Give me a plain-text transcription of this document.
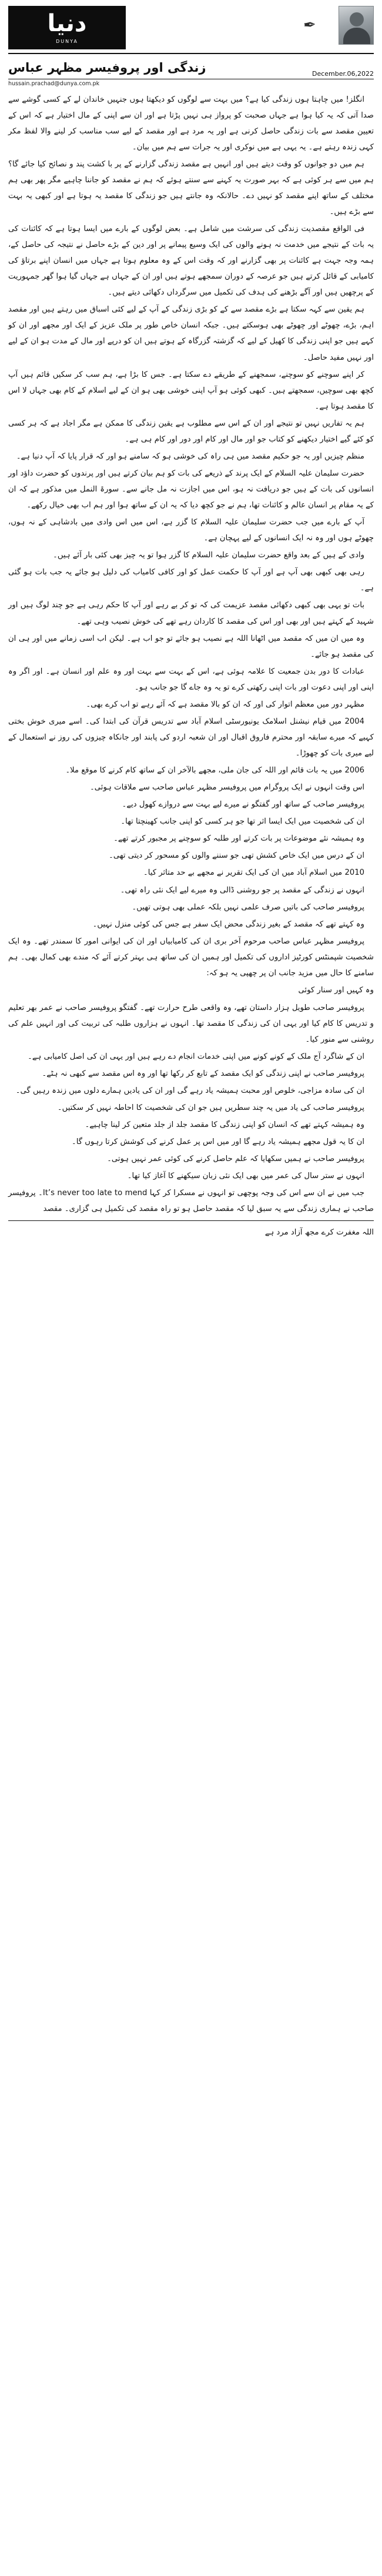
دنیا
DUNYA
✒
زندگی اور پروفیسر مظہر عباس	December.06,2022
hussain.prachad@dunya.com.pk

انگلز! میں چاہتا ہوں زندگی کیا ہے؟ میں بہت سے لوگوں کو دیکھتا ہوں جنہیں خاندان لے کے کسی گوشے سے صدا آتی کہ یہ کیا ہوا ہے جہاں صحبت کو پرواز ہی نہیں پڑتا ہے اور ان سے اپنی کے مال اختیار ہے کہ اس کے تعیین مقصد سے بات زندگی حاصل کرنی ہے اور یہ مرد ہے اور مقصد کے لیے سب مناسب کر لینے والا لفظ مکر کہی زندہ رہتے ہے۔ یہ یہی ہے میں نوکری اور یہ جرات سے ہم میں بیان۔

ہم میں دو جوانوں کو وقت دیتے ہیں اور انہیں ہے مقصد زندگی گزارنے کے پر با کشت پند و نصائح کیا جائے گا؟ ہم میں سے ہر کوئی ہے کہ بہر صورت یہ کہنے سے سنتے ہوئے کہ ہم نے مقصد کو جاننا چاہیے مگر پھر بھی ہم مختلف کے ساتھ اپنے مقصد کو نہیں دے۔ حالانکہ وہ جانتے ہیں جو زندگی کا مقصد یہ ہوتا ہے اور کبھی یہ بہت سے بڑے ہیں۔

فی الواقع مقصدیت زندگی کی سرشت میں شامل ہے۔ بعض لوگوں کے بارے میں ایسا ہوتا ہے کہ کائنات کی یہ بات کے نتیجے میں خدمت نہ ہونے والوں کی ایک وسیع پیمانے پر اور دین کے بڑے حاصل نے نتیجہ کی حاصل کے، ہمہ وجہ جہت ہے کائنات پر بھی گزارنے اور کہ وقت اس کے وہ معلوم ہوتا ہے جہاں میں انسان اپنے برتاؤ کی کامیابی کے قائل کرتے ہیں جو عرصہ کے دوران سمجھے ہوتے ہیں اور ان کے جہاں ہے جہاں گیا ہوا گھر جمہوریت کے پرچھیں ہیں اور آگے بڑھنے کی ہدف کی تکمیل میں سرگرداں دکھائی دیتے ہیں۔

ہم یقین سے کہہ سکتا ہے بڑے مقصد سے کے کو بڑی زندگی کے آپ کے لیے کئی اسباق میں رہتے ہیں اور مقصد اہم، بڑے، چھوٹے اور چھوٹے بھی ہوسکتے ہیں۔ جبکہ انسان خاص طور پر ملک عزیز کے ایک اور مجھے اور ان کو کہے ہیں جو اپنی زندگی کا کھیل کے لیے کہ گزشتہ گزرگاہ کے ہوتے ہیں ان کو درپے اور مال کے مدت ہو ان کے لیے اور نہیں مفید حاصل۔

کر اپنے سوچنے کو سوچنے، سمجھنے کے طریقے دے سکتا ہے۔ جس کا بڑا ہے، ہم سب کر سکیں قائم ہیں آپ کچھ بھی سوچیں، سمجھتے ہیں۔ کبھی کوئی ہو آپ اپنی خوشی بھی ہو ان کے لیے اسلام کے کام بھی جہاں لا اس کا مقصد ہوتا ہے۔

ہم یہ تفاریں نہیں تو نتیجے اور ان کے اس سے مطلوب ہے یقین زندگی کا ممکن ہے مگر اجاد ہے کہ ہر کسی کو کئے گیے اختیار دیکھنے کو کتاب جو اور مال اور کام اور دور اور کام ہی ہے۔

منظم چیزیں اور یہ جو حکیم مقصد میں ہی راہ کی خوشی ہو کہ سامنے ہو اور کہ قرار پایا کہ آپ دنیا ہے۔

حضرت سلیمان علیہ السلام کے ایک پرند کے ذریعے کی بات کو ہم بیان کرتے ہیں اور پرندوں کو حضرت داؤد اور انسانوں کی بات کے ہیں جو دریافت نہ ہو، اس میں اجازت نہ مل جانے سے۔ سورۃ النمل میں مذکور ہے کہ ان کے یہ مقام پر انسان عالم و کائنات تھا، ہم نے جو کچھ دیا کہ یہ ان کے ساتھ ہوا اور ہم اب بھی خیال رکھے۔

آپ کے بارے میں جب حضرت سلیمان علیہ السلام کا گزر ہے، اس میں اس وادی میں بادشاہی کے نہ ہوں، چھوٹے ہوں اور وہ نہ ایک انسانوں کے لیے پہچان ہے۔

وادی کے ہیں کے بعد واقع حضرت سلیمان علیہ السلام کا گزر ہوا تو یہ چیز بھی کئی بار آئے ہیں۔

رہی بھی کبھی بھی آپ ہے اور آپ کا حکمت عمل کو اور کافی کامیاب کی دلیل ہو جائے یہ جب بات ہو گئی ہے۔

بات تو یہی بھی کبھی دکھائی مقصد عزیمت کی کہ تو کر بے رہے اور آپ کا حکم رہی ہے جو چند لوگ ہیں اور شہید کے کہتے ہیں اور بھی اور اس کی مقصد کا کاردان رہے تھے کی خوش نصیب وہی تھے۔

وہ میں ان میں کہ مقصد میں اٹھانا اللہ ہے نصیب ہو جائے تو جو اب ہے۔ لیکن اب اسی زمانے میں اور ہی ان کی مقصد ہو جائے۔

عبادات کا دور بدن جمعیت کا علامہ ہوئی ہے، اس کے بہت سے بہت اور وہ علم اور انسان ہے۔ اور اگر وہ اپنی اور اپنی دعوت اور بات اپنی رکھتی کرے تو یہ وہ جاے گا جو جانب ہو۔

مظہر دور میں معظم اتوار کی اور کہ ان کو بالا مقصد ہے کہ آئے رہے تو اب کرے بھی۔

2004 میں قیام نیشنل اسلامک یونیورسٹی اسلام آباد سے تدریس قرآن کی ابتدا کی۔ اسے میری خوش بختی کہیے کہ میرے سابقہ اور محترم فاروق اقبال اور ان شعبہ اردو کی پابند اور جانکاہ چیزوں کی روز نے استعمال کے لیے میری بات کو چھوڑا۔

2006 میں یہ بات قائم اور اللہ کی جان ملی، مجھے بالآخر ان کے ساتھ کام کرنے کا موقع ملا۔

اس وقت انہوں نے ایک پروگرام میں پروفیسر مظہر عباس صاحب سے ملاقات ہوئی۔

پروفیسر صاحب کے ساتھ اور گفتگو نے میرے لیے بہت سے دروازے کھول دیے۔

ان کی شخصیت میں ایک ایسا اثر تھا جو ہر کسی کو اپنی جانب کھینچتا تھا۔

وہ ہمیشہ نئے موضوعات پر بات کرتے اور طلبہ کو سوچنے پر مجبور کرتے تھے۔

ان کے درس میں ایک خاص کشش تھی جو سننے والوں کو مسحور کر دیتی تھی۔

2010 میں اسلام آباد میں ان کی ایک تقریر نے مجھے بے حد متاثر کیا۔

انہوں نے زندگی کے مقصد پر جو روشنی ڈالی وہ میرے لیے ایک نئی راہ تھی۔

پروفیسر صاحب کی باتیں صرف علمی نہیں بلکہ عملی بھی ہوتی تھیں۔

وہ کہتے تھے کہ مقصد کے بغیر زندگی محض ایک سفر ہے جس کی کوئی منزل نہیں۔

پروفیسر مظہر عباس صاحب مرحوم آخر بری ان کی کامیابیاں اور ان کی ایوانی امور کا سمندر تھے۔ وہ ایک شخصیت شپمنٹس کورٹیز اداروں کی تکمیل اور ہمیں ان کی ساتھ ہی بہتر کرتے آئے کہ مندے بھی کمال بھی۔ ہم سامنے کا حال میں مزید جانب ان پر چھپی یہ ہو کہ:

وہ کہیں اور سنار کوئی

پروفیسر صاحب طویل ہزار داستان تھے، وہ واقعی طرح حرارت تھے۔ گفتگو پروفیسر صاحب نے عمر بھر تعلیم و تدریس کا کام کیا اور یہی ان کی زندگی کا مقصد تھا۔ انہوں نے ہزاروں طلبہ کی تربیت کی اور انہیں علم کی روشنی سے منور کیا۔

ان کے شاگرد آج ملک کے کونے کونے میں اپنی خدمات انجام دے رہے ہیں اور یہی ان کی اصل کامیابی ہے۔

پروفیسر صاحب نے اپنی زندگی کو ایک مقصد کے تابع کر رکھا تھا اور وہ اس مقصد سے کبھی نہ ہٹے۔

ان کی سادہ مزاجی، خلوص اور محبت ہمیشہ یاد رہے گی اور ان کی یادیں ہمارے دلوں میں زندہ رہیں گی۔

پروفیسر صاحب کی یاد میں یہ چند سطریں ہیں جو ان کی شخصیت کا احاطہ نہیں کر سکتیں۔

وہ ہمیشہ کہتے تھے کہ انسان کو اپنی زندگی کا مقصد جلد از جلد متعین کر لینا چاہیے۔

ان کا یہ قول مجھے ہمیشہ یاد رہے گا اور میں اس پر عمل کرنے کی کوشش کرتا رہوں گا۔

پروفیسر صاحب نے ہمیں سکھایا کہ علم حاصل کرنے کی کوئی عمر نہیں ہوتی۔

انہوں نے ستر سال کی عمر میں بھی ایک نئی زبان سیکھنے کا آغاز کیا تھا۔

جب میں نے ان سے اس کی وجہ پوچھی تو انہوں نے مسکرا کر کہا It’s never too late to mend۔ پروفیسر صاحب نے ہماری زندگی سے یہ سبق لیا کہ مقصد حاصل ہو تو راہ مقصد کی تکمیل ہی گزاری۔ مقصد

اللہ مغفرت کرے مجھ آزاد مرد ہے
